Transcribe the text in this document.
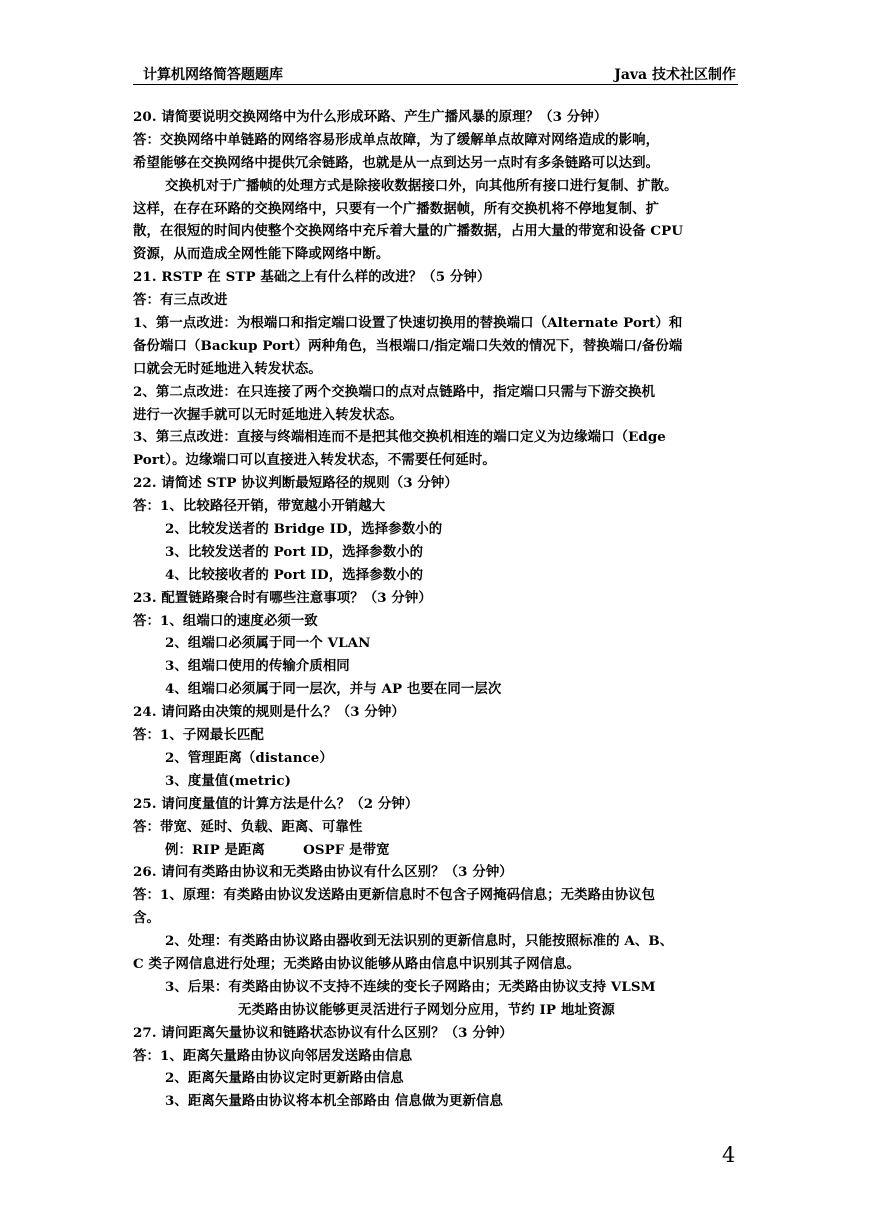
计算机网络简答题题库	Java 技术社区制作
20. 请简要说明交换网络中为什么形成环路、产生广播风暴的原理？（3 分钟）
答：交换网络中单链路的网络容易形成单点故障，为了缓解单点故障对网络造成的影响，
希望能够在交换网络中提供冗余链路，也就是从一点到达另一点时有多条链路可以达到。
交换机对于广播帧的处理方式是除接收数据接口外，向其他所有接口进行复制、扩散。
这样，在存在环路的交换网络中，只要有一个广播数据帧，所有交换机将不停地复制、扩
散，在很短的时间内使整个交换网络中充斥着大量的广播数据，占用大量的带宽和设备 CPU
资源，从而造成全网性能下降或网络中断。
21. RSTP 在 STP 基础之上有什么样的改进？（5 分钟）
答：有三点改进
1、第一点改进：为根端口和指定端口设置了快速切换用的替换端口（Alternate Port）和
备份端口（Backup Port）两种角色，当根端口/指定端口失效的情况下，替换端口/备份端
口就会无时延地进入转发状态。
2、第二点改进：在只连接了两个交换端口的点对点链路中，指定端口只需与下游交换机
进行一次握手就可以无时延地进入转发状态。
3、第三点改进：直接与终端相连而不是把其他交换机相连的端口定义为边缘端口（Edge
Port）。边缘端口可以直接进入转发状态，不需要任何延时。
22. 请简述 STP 协议判断最短路径的规则（3 分钟）
答：1、比较路径开销，带宽越小开销越大
2、比较发送者的 Bridge ID，选择参数小的
3、比较发送者的 Port ID，选择参数小的
4、比较接收者的 Port ID，选择参数小的
23. 配置链路聚合时有哪些注意事项？（3 分钟）
答：1、组端口的速度必须一致
2、组端口必须属于同一个 VLAN
3、组端口使用的传输介质相同
4、组端口必须属于同一层次，并与 AP 也要在同一层次
24. 请问路由决策的规则是什么？（3 分钟）
答：1、子网最长匹配
2、管理距离（distance）
3、度量值(metric)
25. 请问度量值的计算方法是什么？（2 分钟）
答：带宽、延时、负载、距离、可靠性
例：RIP 是距离        OSPF 是带宽
26. 请问有类路由协议和无类路由协议有什么区别？（3 分钟）
答：1、原理：有类路由协议发送路由更新信息时不包含子网掩码信息；无类路由协议包
含。
2、处理：有类路由协议路由器收到无法识别的更新信息时，只能按照标准的 A、B、
C 类子网信息进行处理；无类路由协议能够从路由信息中识别其子网信息。
3、后果：有类路由协议不支持不连续的变长子网路由；无类路由协议支持 VLSM
无类路由协议能够更灵活进行子网划分应用，节约 IP 地址资源
27. 请问距离矢量协议和链路状态协议有什么区别？（3 分钟）
答：1、距离矢量路由协议向邻居发送路由信息
2、距离矢量路由协议定时更新路由信息
3、距离矢量路由协议将本机全部路由 信息做为更新信息
4
